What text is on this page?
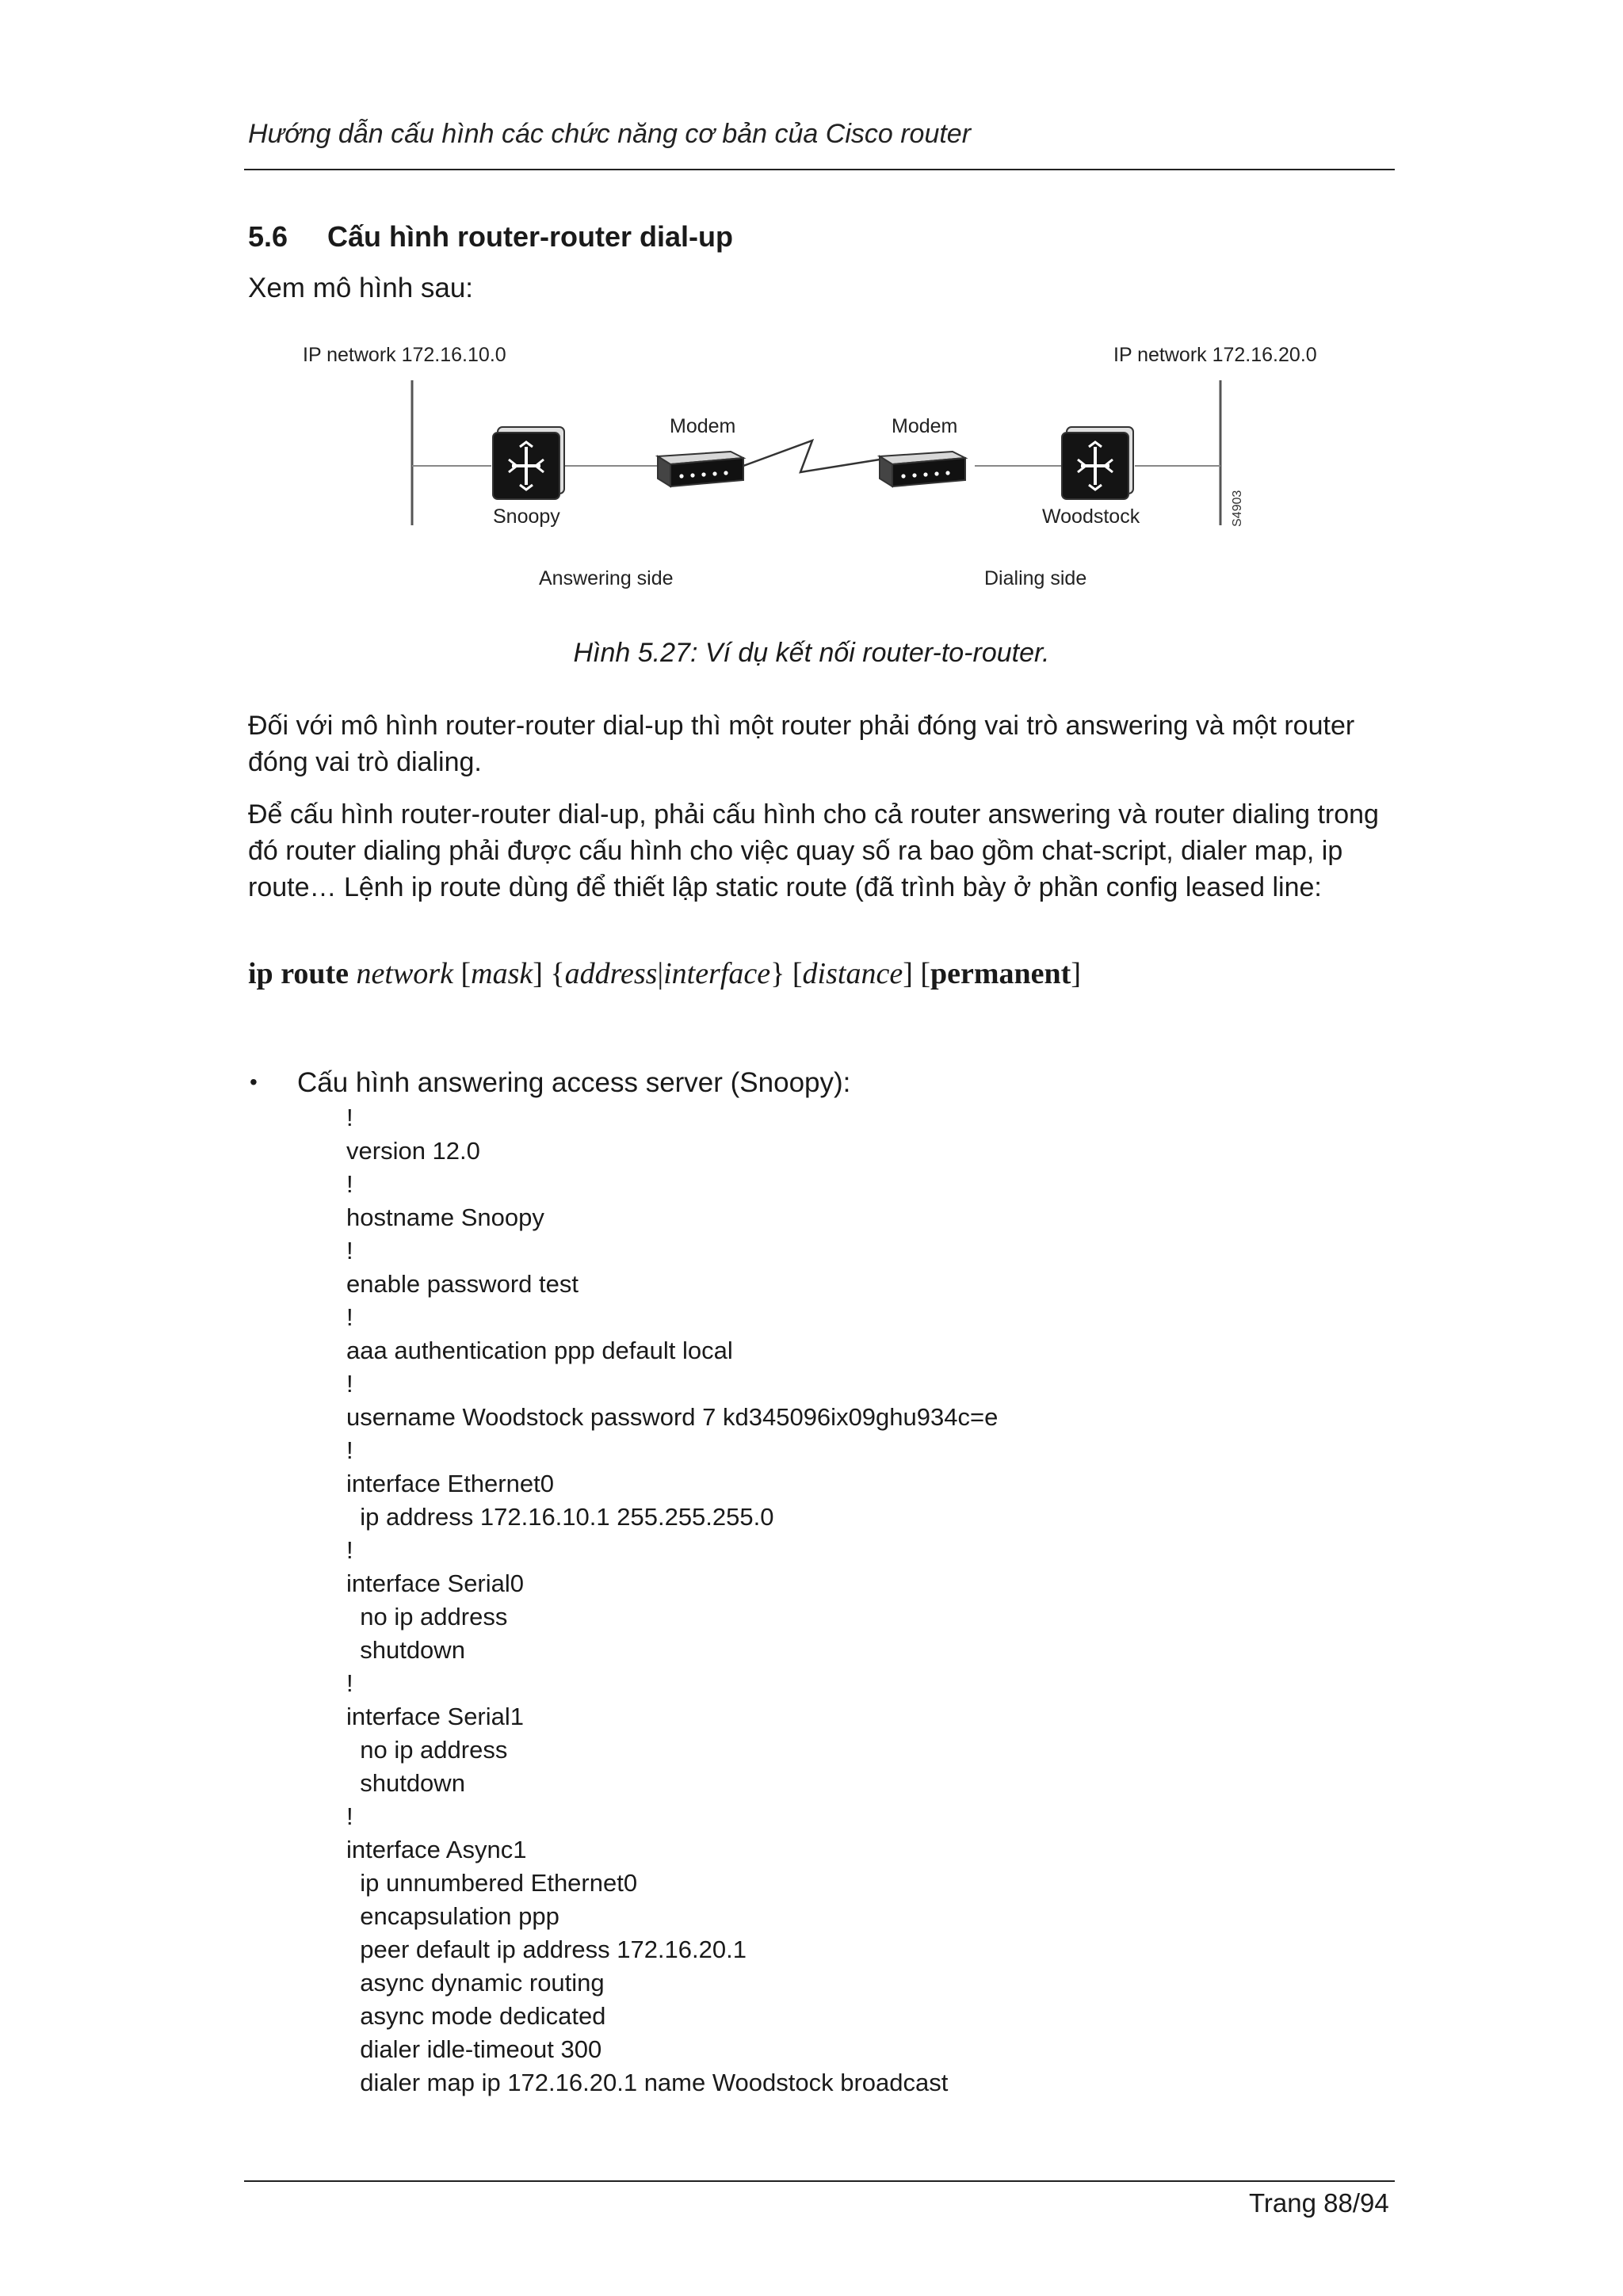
Hướng dẫn cấu hình các chức năng cơ bản của Cisco router
5.6 Cấu hình router-router dial-up
Xem mô hình sau:
IP network 172.16.10.0	IP network 172.16.20.0
Modem	Modem
Snoopy	Woodstock
Answering side	Dialing side
S4903
Hình 5.27: Ví dụ kết nối router-to-router.

Đối với mô hình router-router dial-up thì một router phải đóng vai trò answering và một router đóng vai trò dialing.

Để cấu hình router-router dial-up, phải cấu hình cho cả router answering và router dialing trong đó router dialing phải được cấu hình cho việc quay số ra bao gồm chat-script, dialer map, ip route… Lệnh ip route dùng để thiết lập static route (đã trình bày ở phần config leased line:

ip route network [mask] {address|interface} [distance] [permanent]
• Cấu hình answering access server (Snoopy):
!
version 12.0
!
hostname Snoopy
!
enable password test
!
aaa authentication ppp default local
!
username Woodstock password 7 kd345096ix09ghu934c=e
!
interface Ethernet0
ip address 172.16.10.1 255.255.255.0
!
interface Serial0
no ip address
shutdown
!
interface Serial1
no ip address
shutdown
!
interface Async1
ip unnumbered Ethernet0
encapsulation ppp
peer default ip address 172.16.20.1
async dynamic routing
async mode dedicated
dialer idle-timeout 300
dialer map ip 172.16.20.1 name Woodstock broadcast
Trang 88/94
